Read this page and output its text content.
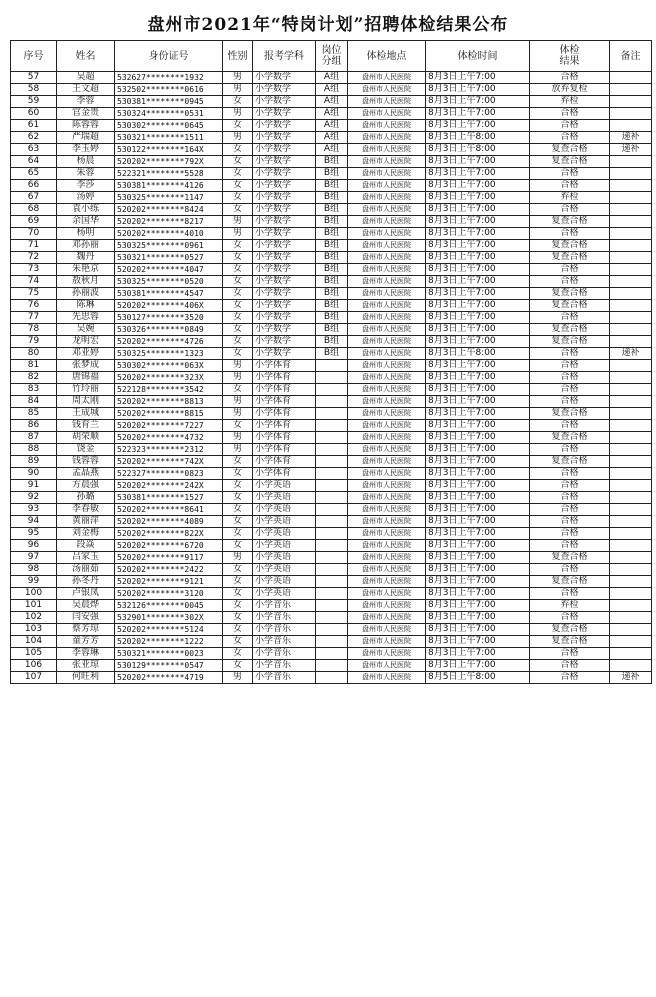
盘州市2021年“特岗计划”招聘体检结果公布
序号	姓名	身份证号	性别	报考学科	岗位
分组	体检地点	体检时间	体检
结果	备注
57	吴超	532627********1932	男	小学数学	A组	盘州市人民医院	8月3日上午7:00	合格	
58	王文超	532502********0616	男	小学数学	A组	盘州市人民医院	8月3日上午7:00	放弃复检	
59	李蓉	530381********0945	女	小学数学	A组	盘州市人民医院	8月3日上午7:00	弃检	
60	官金贵	530324********0531	男	小学数学	A组	盘州市人民医院	8月3日上午7:00	合格	
61	陈蓉蓉	530302********0645	女	小学数学	A组	盘州市人民医院	8月3日上午7:00	合格	
62	严瑞超	530321********1511	男	小学数学	A组	盘州市人民医院	8月3日上午8:00	合格	递补
63	李玉婷	530122********164X	女	小学数学	A组	盘州市人民医院	8月3日上午8:00	复查合格	递补
64	杨晨	520202********792X	女	小学数学	B组	盘州市人民医院	8月3日上午7:00	复查合格	
65	朱蓉	522321********5528	女	小学数学	B组	盘州市人民医院	8月3日上午7:00	合格	
66	李莎	530381********4126	女	小学数学	B组	盘州市人民医院	8月3日上午7:00	合格	
67	汤婷	530325********1147	女	小学数学	B组	盘州市人民医院	8月3日上午7:00	弃检	
68	袁小练	520202********8424	女	小学数学	B组	盘州市人民医院	8月3日上午7:00	合格	
69	余国华	520202********8217	男	小学数学	B组	盘州市人民医院	8月3日上午7:00	复查合格	
70	杨明	520202********4010	男	小学数学	B组	盘州市人民医院	8月3日上午7:00	合格	
71	邓孙丽	530325********0961	女	小学数学	B组	盘州市人民医院	8月3日上午7:00	复查合格	
72	魏丹	530321********0527	女	小学数学	B组	盘州市人民医院	8月3日上午7:00	复查合格	
73	朱艳京	520202********4047	女	小学数学	B组	盘州市人民医院	8月3日上午7:00	合格	
74	敖秋月	530325********0520	女	小学数学	B组	盘州市人民医院	8月3日上午7:00	合格	
75	孙丽波	530381********4547	女	小学数学	B组	盘州市人民医院	8月3日上午7:00	复查合格	
76	陈琳	520202********406X	女	小学数学	B组	盘州市人民医院	8月3日上午7:00	复查合格	
77	先思蓉	530127********3520	女	小学数学	B组	盘州市人民医院	8月3日上午7:00	合格	
78	吴婉	530326********0849	女	小学数学	B组	盘州市人民医院	8月3日上午7:00	复查合格	
79	龙明宏	520202********4726	女	小学数学	B组	盘州市人民医院	8月3日上午7:00	复查合格	
80	邓亚婷	530325********1323	女	小学数学	B组	盘州市人民医院	8月3日上午8:00	合格	递补
81	张梦成	530302********063X	男	小学体育		盘州市人民医院	8月3日上午7:00	合格	
82	唐锦福	520202********323X	男	小学体育		盘州市人民医院	8月3日上午7:00	合格	
83	竹玲丽	522128********3542	女	小学体育		盘州市人民医院	8月3日上午7:00	合格	
84	周太刚	520202********8813	男	小学体育		盘州市人民医院	8月3日上午7:00	合格	
85	王成城	520202********8815	男	小学体育		盘州市人民医院	8月3日上午7:00	复查合格	
86	钱育兰	520202********7227	女	小学体育		盘州市人民医院	8月3日上午7:00	合格	
87	胡荣顺	520202********4732	男	小学体育		盘州市人民医院	8月3日上午7:00	复查合格	
88	饶金	522323********2312	男	小学体育		盘州市人民医院	8月3日上午7:00	合格	
89	钱蓉蓉	520202********742X	女	小学体育		盘州市人民医院	8月3日上午7:00	复查合格	
90	孟晶燕	522327********0823	女	小学体育		盘州市人民医院	8月3日上午7:00	合格	
91	方晨强	520202********242X	女	小学英语		盘州市人民医院	8月3日上午7:00	合格	
92	孙璐	530381********1527	女	小学英语		盘州市人民医院	8月3日上午7:00	合格	
93	李春敏	520202********8641	女	小学英语		盘州市人民医院	8月3日上午7:00	合格	
94	黄丽萍	520202********4089	女	小学英语		盘州市人民医院	8月3日上午7:00	合格	
95	刘金梅	520202********822X	女	小学英语		盘州市人民医院	8月3日上午7:00	合格	
96	段焱	520202********6720	女	小学英语		盘州市人民医院	8月3日上午7:00	合格	
97	吕家玉	520202********9117	男	小学英语		盘州市人民医院	8月3日上午7:00	复查合格	
98	汤丽茹	520202********2422	女	小学英语		盘州市人民医院	8月3日上午7:00	合格	
99	孙冬丹	520202********9121	女	小学英语		盘州市人民医院	8月3日上午7:00	复查合格	
100	卢银凤	520202********3120	女	小学英语		盘州市人民医院	8月3日上午7:00	合格	
101	吴晨烨	532126********0045	女	小学音乐		盘州市人民医院	8月3日上午7:00	弃检	
102	闫安强	532901********302X	女	小学音乐		盘州市人民医院	8月3日上午7:00	合格	
103	蔡芳琼	520202********5124	女	小学音乐		盘州市人民医院	8月3日上午7:00	复查合格	
104	童芳芳	520202********1222	女	小学音乐		盘州市人民医院	8月3日上午7:00	复查合格	
105	李蓉琳	530321********0023	女	小学音乐		盘州市人民医院	8月3日上午7:00	合格	
106	张亚琼	530129********0547	女	小学音乐		盘州市人民医院	8月3日上午7:00	合格	
107	何旺利	520202********4719	男	小学音乐		盘州市人民医院	8月5日上午8:00	合格	递补
